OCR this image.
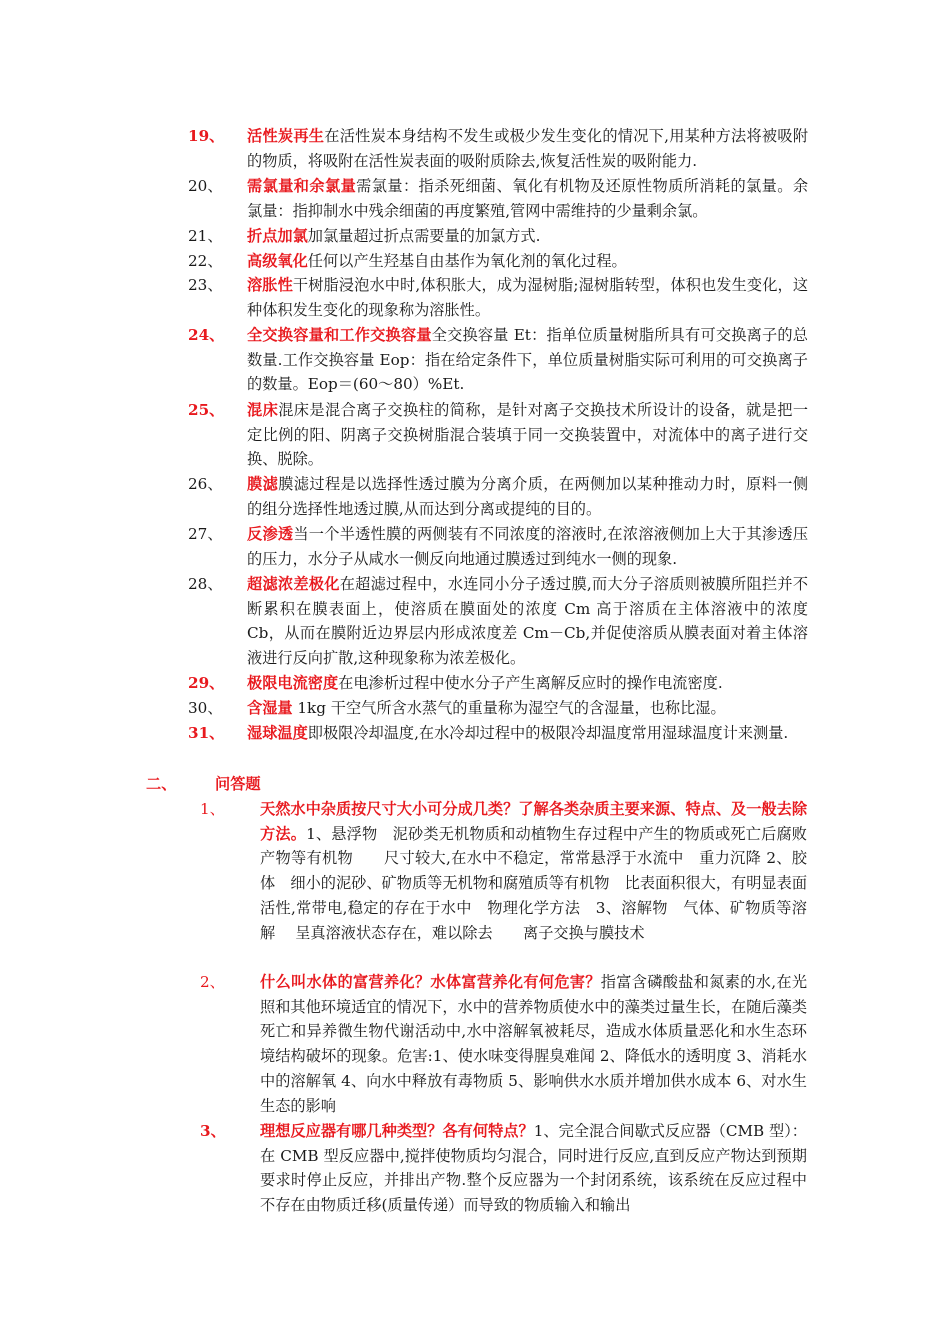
19、	活性炭再生在活性炭本身结构不发生或极少发生变化的情况下,用某种方法将被吸附的物质，将吸附在活性炭表面的吸附质除去,恢复活性炭的吸附能力.
20、	需氯量和余氯量需氯量：指杀死细菌、氧化有机物及还原性物质所消耗的氯量。余氯量：指抑制水中残余细菌的再度繁殖,管网中需维持的少量剩余氯。
21、	折点加氯加氯量超过折点需要量的加氯方式.
22、	高级氧化任何以产生羟基自由基作为氧化剂的氧化过程。
23、	溶胀性干树脂浸泡水中时,体积胀大，成为湿树脂;湿树脂转型，体积也发生变化，这种体积发生变化的现象称为溶胀性。
24、	全交换容量和工作交换容量全交换容量 Et：指单位质量树脂所具有可交换离子的总数量.工作交换容量 Eop：指在给定条件下，单位质量树脂实际可利用的可交换离子的数量。Eop＝(60～80）%Et.
25、	混床混床是混合离子交换柱的简称，是针对离子交换技术所设计的设备，就是把一定比例的阳、阴离子交换树脂混合装填于同一交换装置中，对流体中的离子进行交换、脱除。
26、	膜滤膜滤过程是以选择性透过膜为分离介质，在两侧加以某种推动力时，原料一侧的组分选择性地透过膜,从而达到分离或提纯的目的。
27、	反渗透当一个半透性膜的两侧装有不同浓度的溶液时,在浓溶液侧加上大于其渗透压的压力，水分子从咸水一侧反向地通过膜透过到纯水一侧的现象.
28、	超滤浓差极化在超滤过程中，水连同小分子透过膜,而大分子溶质则被膜所阻拦并不断累积在膜表面上，使溶质在膜面处的浓度 Cm 高于溶质在主体溶液中的浓度 Cb，从而在膜附近边界层内形成浓度差 Cm－Cb,并促使溶质从膜表面对着主体溶液进行反向扩散,这种现象称为浓差极化。
29、	极限电流密度在电渗析过程中使水分子产生离解反应时的操作电流密度.
30、	含湿量 1kg 干空气所含水蒸气的重量称为湿空气的含湿量，也称比湿。
31、	湿球温度即极限冷却温度,在水冷却过程中的极限冷却温度常用湿球温度计来测量.
二、	问答题
1、	天然水中杂质按尺寸大小可分成几类？了解各类杂质主要来源、特点、及一般去除方法。1、悬浮物　泥砂类无机物质和动植物生存过程中产生的物质或死亡后腐败产物等有机物　　尺寸较大,在水中不稳定，常常悬浮于水流中　重力沉降 2、胶体　细小的泥砂、矿物质等无机物和腐殖质等有机物　比表面积很大，有明显表面活性,常带电,稳定的存在于水中　物理化学方法　3、溶解物　气体、矿物质等溶解　 呈真溶液状态存在，难以除去　　离子交换与膜技术
2、	什么叫水体的富营养化？水体富营养化有何危害？指富含磷酸盐和氮素的水,在光照和其他环境适宜的情况下，水中的营养物质使水中的藻类过量生长，在随后藻类死亡和异养微生物代谢活动中,水中溶解氧被耗尽，造成水体质量恶化和水生态环境结构破坏的现象。危害:1、使水味变得腥臭难闻 2、降低水的透明度 3、消耗水中的溶解氧 4、向水中释放有毒物质 5、影响供水水质并增加供水成本 6、对水生生态的影响
3、	理想反应器有哪几种类型？各有何特点？1、完全混合间歇式反应器（CMB 型）：在 CMB 型反应器中,搅拌使物质均匀混合，同时进行反应,直到反应产物达到预期要求时停止反应，并排出产物.整个反应器为一个封闭系统，该系统在反应过程中不存在由物质迁移(质量传递）而导致的物质输入和输出
